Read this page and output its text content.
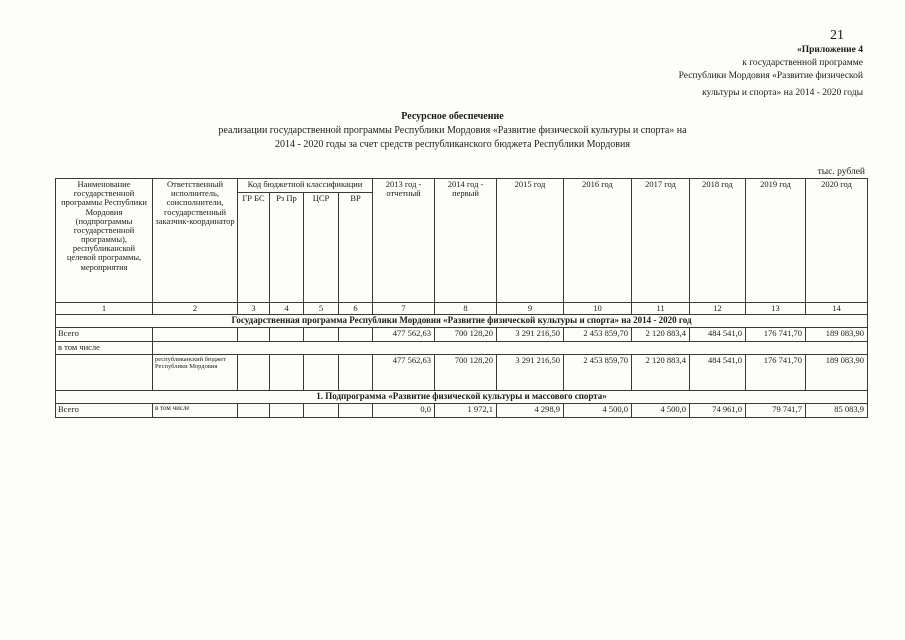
21
«Приложение 4
к государственной программе
Республики Мордовия «Развитие физической
культуры и спорта» на 2014 - 2020 годы
Ресурсное обеспечение
реализации государственной программы Республики Мордовия «Развитие физической культуры и спорта» на
2014 - 2020 годы за счет средств республиканского бюджета Республики Мордовия
тыс. рублей
Наименование государственной программы Республики Мордовия (подпрограммы государственной программы), республиканской целевой программы, мероприятия	Ответственный исполнитель, соисполнители, государственный заказчик-координатор	Код бюджетной классификации				2013 год - отчетный	2014 год - первый	2015 год	2016 год	2017 год	2018 год	2019 год	2020 год
		ГР БС	Рз Пр	ЦСР	ВР								
1	2	3	4	5	6	7	8	9	10	11	12	13	14
Государственная программа Республики Мордовия «Развитие физической культуры и спорта» на 2014 - 2020 год													
Всего						477 562,63	700 128,20	3 291 216,50	2 453 859,70	2 120 883,4	484 541,0	176 741,70	189 083,90
в том числе													
	республиканский бюджет Республики Мордовия					477 562,63	700 128,20	3 291 216,50	2 453 859,70	2 120 883,4	484 541,0	176 741,70	189 083,90
1. Подпрограмма «Развитие физической культуры и массового спорта»													
Всего	в том числе					0,0	1 972,1	4 298,9	4 500,0	4 500,0	74 961,0	79 741,7	85 083,9
